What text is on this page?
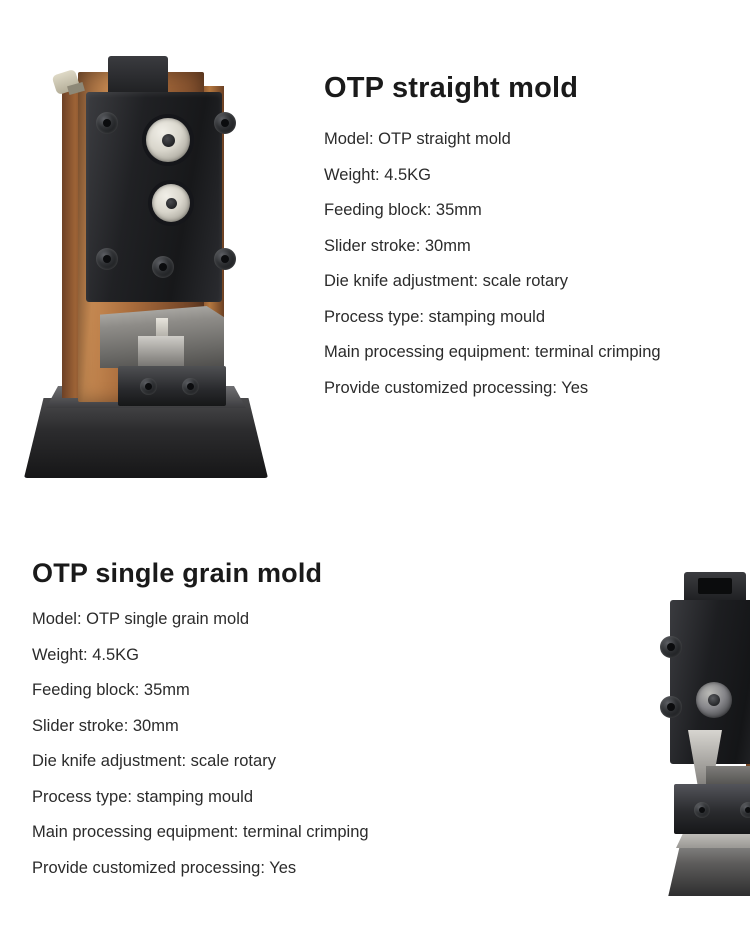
OTP straight mold
Model: OTP straight mold
Weight: 4.5KG
Feeding block: 35mm
Slider stroke: 30mm
Die knife adjustment: scale rotary
Process type: stamping mould
Main processing equipment: terminal crimping
Provide customized processing: Yes
OTP single grain mold
Model: OTP single grain mold
Weight: 4.5KG
Feeding block: 35mm
Slider stroke: 30mm
Die knife adjustment: scale rotary
Process type: stamping mould
Main processing equipment: terminal crimping
Provide customized processing: Yes
